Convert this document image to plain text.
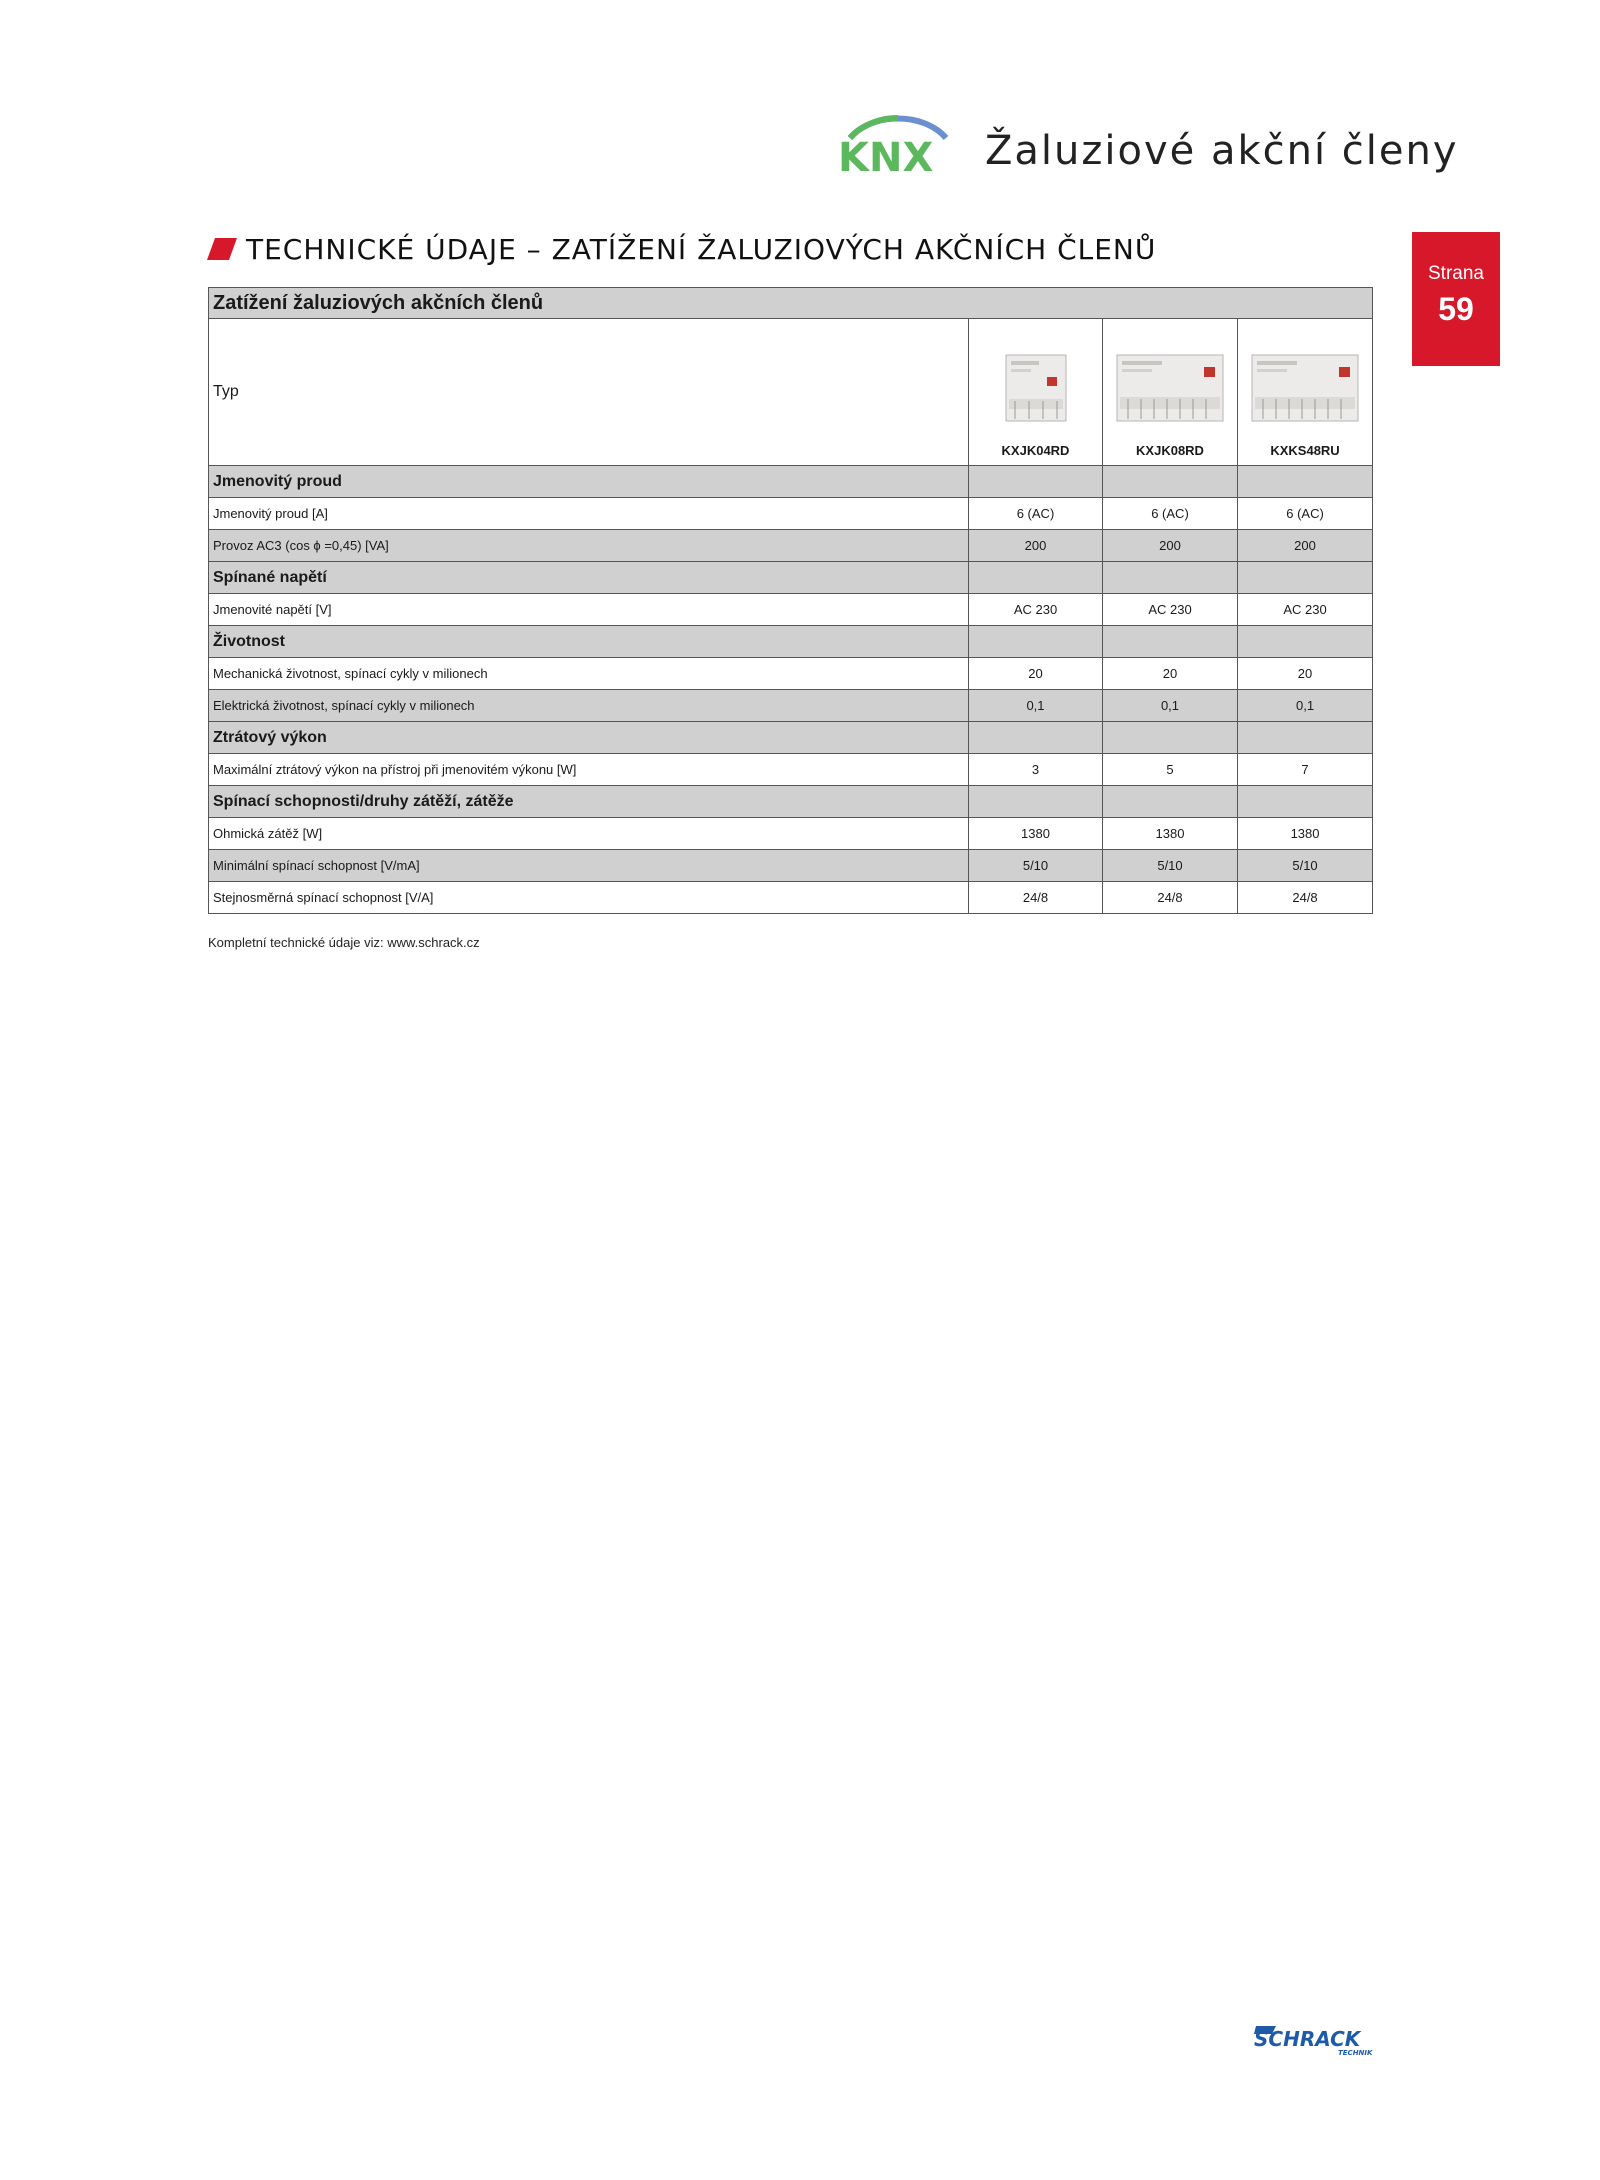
KNX Žaluziové akční členy
TECHNICKÉ ÚDAJE – ZATÍŽENÍ ŽALUZIOVÝCH AKČNÍCH ČLENŮ
Strana
59
Zatížení žaluziových akčních členů			
Typ	KXJK04RD	KXJK08RD	KXKS48RU

Jmenovitý proud			
Jmenovitý proud [A]	6 (AC)	6 (AC)	6 (AC)
Provoz AC3 (cos ϕ =0,45) [VA]	200	200	200
Spínané napětí			
Jmenovité napětí [V]	AC 230	AC 230	AC 230
Životnost			
Mechanická životnost, spínací cykly v milionech	20	20	20
Elektrická životnost, spínací cykly v milionech	0,1	0,1	0,1
Ztrátový výkon			
Maximální ztrátový výkon na přístroj při jmenovitém výkonu [W]	3	5	7
Spínací schopnosti/druhy zátěží, zátěže			
Ohmická zátěž [W]	1380	1380	1380
Minimální spínací schopnost [V/mA]	5/10	5/10	5/10
Stejnosměrná spínací schopnost [V/A]	24/8	24/8	24/8
Kompletní technické údaje viz: www.schrack.cz
SCHRACK
TECHNIK
